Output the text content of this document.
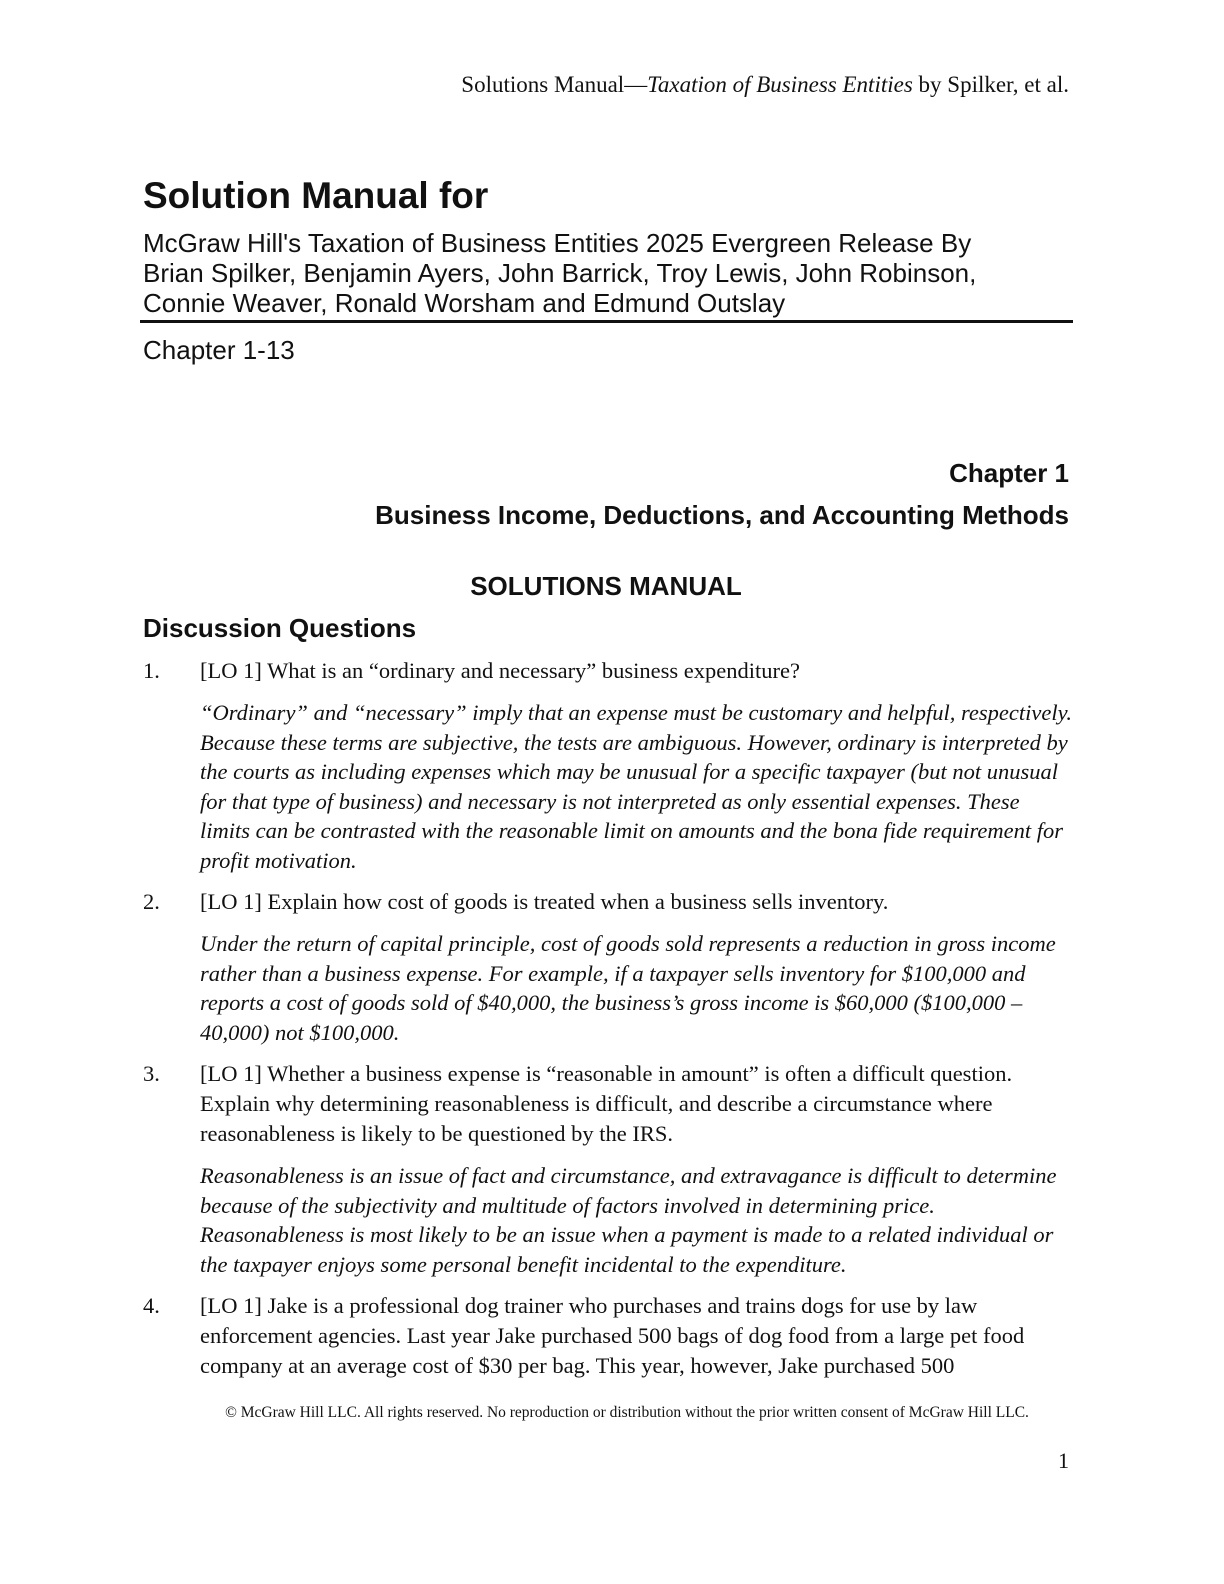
Solutions Manual—Taxation of Business Entities by Spilker, et al.
Solution Manual for
McGraw Hill's Taxation of Business Entities 2025 Evergreen Release By
Brian Spilker, Benjamin Ayers, John Barrick, Troy Lewis, John Robinson,
Connie Weaver, Ronald Worsham and Edmund Outslay
Chapter 1-13
Chapter 1
Business Income, Deductions, and Accounting Methods
SOLUTIONS MANUAL
Discussion Questions
1. [LO 1] What is an “ordinary and necessary” business expenditure?

“Ordinary” and “necessary” imply that an expense must be customary and helpful, respectively. Because these terms are subjective, the tests are ambiguous. However, ordinary is interpreted by the courts as including expenses which may be unusual for a specific taxpayer (but not unusual for that type of business) and necessary is not interpreted as only essential expenses. These limits can be contrasted with the reasonable limit on amounts and the bona fide requirement for profit motivation.

2. [LO 1] Explain how cost of goods is treated when a business sells inventory.

Under the return of capital principle, cost of goods sold represents a reduction in gross income rather than a business expense. For example, if a taxpayer sells inventory for $100,000 and reports a cost of goods sold of $40,000, the business’s gross income is $60,000 ($100,000 – 40,000) not $100,000.

3. [LO 1] Whether a business expense is “reasonable in amount” is often a difficult question. Explain why determining reasonableness is difficult, and describe a circumstance where reasonableness is likely to be questioned by the IRS.

Reasonableness is an issue of fact and circumstance, and extravagance is difficult to determine because of the subjectivity and multitude of factors involved in determining price. Reasonableness is most likely to be an issue when a payment is made to a related individual or the taxpayer enjoys some personal benefit incidental to the expenditure.

4. [LO 1] Jake is a professional dog trainer who purchases and trains dogs for use by law enforcement agencies. Last year Jake purchased 500 bags of dog food from a large pet food company at an average cost of $30 per bag. This year, however, Jake purchased 500

© McGraw Hill LLC. All rights reserved. No reproduction or distribution without the prior written consent of McGraw Hill LLC.
1
